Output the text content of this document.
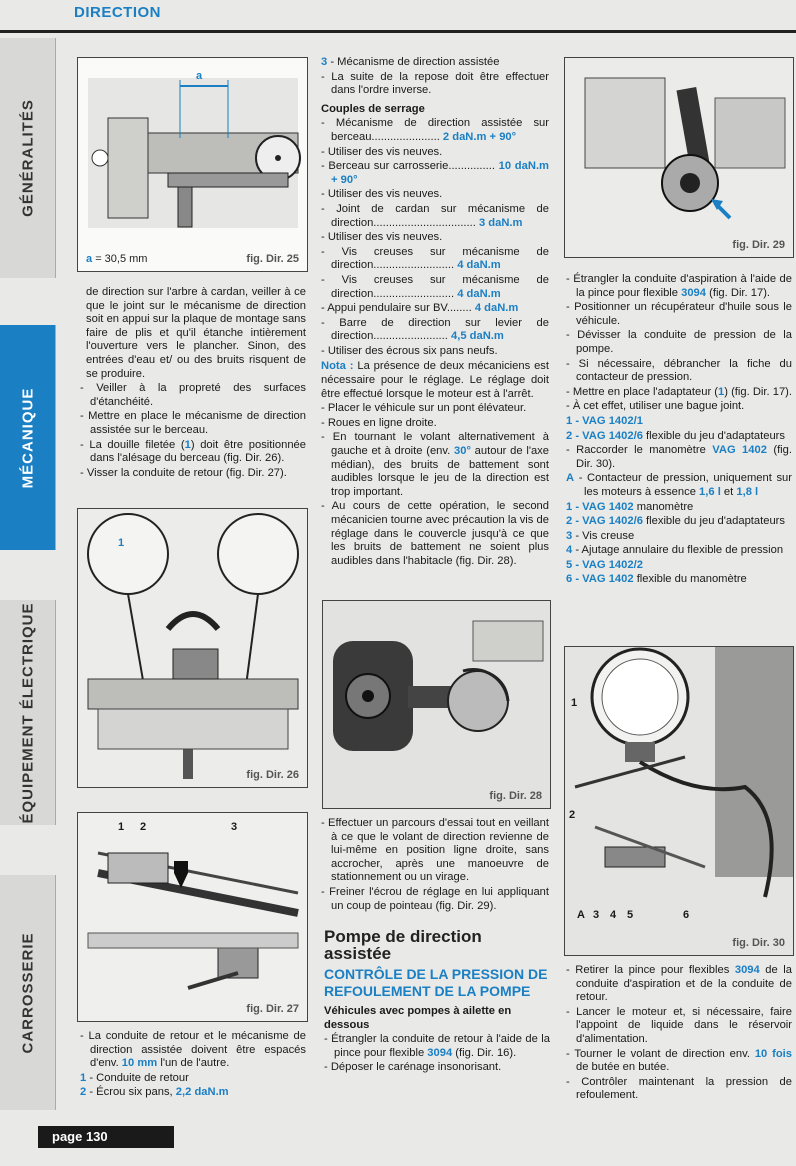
DIRECTION
GÉNÉRALITÉS
MÉCANIQUE
ÉQUIPEMENT ÉLECTRIQUE
CARROSSERIE
a
a = 30,5 mm	fig. Dir. 25

de direction sur l'arbre à cardan, veiller à ce que le joint sur le mécanisme de direction soit en appui sur la plaque de montage sans faire de plis et qu'il étanche intièrement l'ouverture vers le plancher. Sinon, des entrées d'eau et/ ou des bruits risquent de se produire.

- Veiller à la propreté des surfaces d'étanchéité.

- Mettre en place le mécanisme de direction assistée sur le berceau.

- La douille filetée (1) doit être positionnée dans l'alésage du berceau (fig. Dir. 26).

- Visser la conduite de retour (fig. Dir. 27).

1
fig. Dir. 26
1 2	3
fig. Dir. 27

- La conduite de retour et le mécanisme de direction assistée doivent être espacés d'env. 10 mm l'un de l'autre.

1 - Conduite de retour

2 - Écrou six pans, 2,2 daN.m

3 - Mécanisme de direction assistée

- La suite de la repose doit être effectuer dans l'ordre inverse.

Couples de serrage

- Mécanisme de direction assistée sur berceau...................... 2 daN.m + 90°

- Utiliser des vis neuves.

- Berceau sur carrosserie............... 10 daN.m + 90°

- Utiliser des vis neuves.

- Joint de cardan sur mécanisme de direction................................. 3 daN.m

- Utiliser des vis neuves.

- Vis creuses sur mécanisme de direction.......................... 4 daN.m

- Vis creuses sur mécanisme de direction.......................... 4 daN.m

- Appui pendulaire sur BV........ 4 daN.m

- Barre de direction sur levier de direction........................ 4,5 daN.m

- Utiliser des écrous six pans neufs.

Nota : La présence de deux mécaniciens est nécessaire pour le réglage. Le réglage doit être effectué lorsque le moteur est à l'arrêt.

- Placer le véhicule sur un pont élévateur.

- Roues en ligne droite.

- En tournant le volant alternativement à gauche et à droite (env. 30° autour de l'axe médian), des bruits de battement sont audibles lorsque le jeu de la direction est trop important.

- Au cours de cette opération, le second mécanicien tourne avec précaution la vis de réglage dans le couvercle jusqu'à ce que les bruits de battement ne soient plus audibles dans l'habitacle (fig. Dir. 28).

fig. Dir. 28

- Effectuer un parcours d'essai tout en veillant à ce que le volant de direction revienne de lui-même en position ligne droite, sans accrocher, après une manoeuvre de stationnement ou un virage.

- Freiner l'écrou de réglage en lui appliquant un coup de pointeau (fig. Dir. 29).

Pompe de direction assistée

CONTRÔLE DE LA PRESSION DE REFOULEMENT DE LA POMPE

Véhicules avec pompes à ailette en dessous

- Étrangler la conduite de retour à l'aide de la pince pour flexible 3094 (fig. Dir. 16).

- Déposer le carénage insonorisant.

fig. Dir. 29

- Étrangler la conduite d'aspiration à l'aide de la pince pour flexible 3094 (fig. Dir. 17).

- Positionner un récupérateur d'huile sous le véhicule.

- Dévisser la conduite de pression de la pompe.

- Si nécessaire, débrancher la fiche du contacteur de pression.

- Mettre en place l'adaptateur (1) (fig. Dir. 17).

- À cet effet, utiliser une bague joint.

1 - VAG 1402/1

2 - VAG 1402/6 flexible du jeu d'adaptateurs

- Raccorder le manomètre VAG 1402 (fig. Dir. 30).

A - Contacteur de pression, uniquement sur les moteurs à essence 1,6 l et 1,8 l

1 - VAG 1402 manomètre

2 - VAG 1402/6 flexible du jeu d'adaptateurs

3 - Vis creuse

4 - Ajutage annulaire du flexible de pression

5 - VAG 1402/2

6 - VAG 1402 flexible du manomètre

1
2
A 3 4 5	6
fig. Dir. 30

- Retirer la pince pour flexibles 3094 de la conduite d'aspiration et de la conduite de retour.

- Lancer le moteur et, si nécessaire, faire l'appoint de liquide dans le réservoir d'alimentation.

- Tourner le volant de direction env. 10 fois de butée en butée.

- Contrôler maintenant la pression de refoulement.

page 130
